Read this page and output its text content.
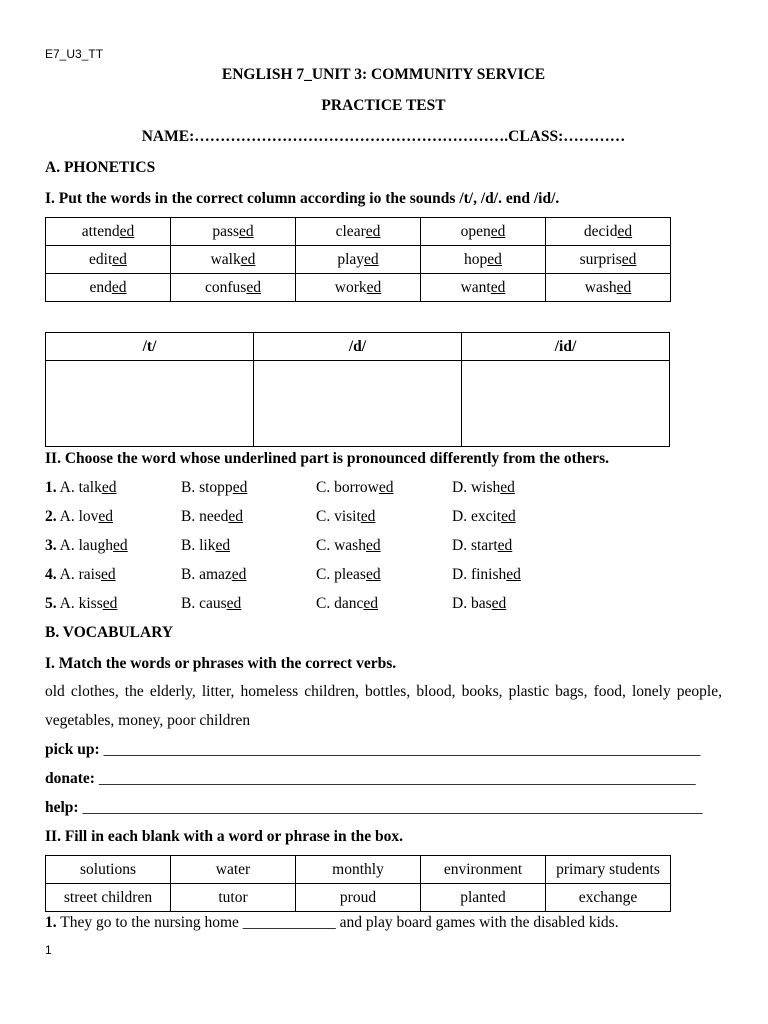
E7_U3_TT
ENGLISH 7_UNIT 3: COMMUNITY SERVICE
PRACTICE TEST
NAME:…………………………………………………….CLASS:…………
A. PHONETICS
I. Put the words in the correct column according io the sounds /t/, /d/. end /id/.
attended	passed	cleared	opened	decided
edited	walked	played	hoped	surprised
ended	confused	worked	wanted	washed
/t/	/d/	/id/

II. Choose the word whose underlined part is pronounced differently from the others.
1. A. talked	B. stopped	C. borrowed	D. wished
2. A. loved	B. needed	C. visited	D. excited
3. A. laughed	B. liked	C. washed	D. started
4. A. raised	B. amazed	C. pleased	D. finished
5. A. kissed	B. caused	C. danced	D. based
B. VOCABULARY
I. Match the words or phrases with the correct verbs.
old clothes, the elderly, litter, homeless children, bottles, blood, books, plastic bags, food, lonely people, vegetables, money, poor children
pick up: _____________________________________________________________________________
donate: _____________________________________________________________________________
help: ________________________________________________________________________________
II. Fill in each blank with a word or phrase in the box.
solutions	water	monthly	environment	primary students
street children	tutor	proud	planted	exchange
1. They go to the nursing home ____________ and play board games with the disabled kids.
1
